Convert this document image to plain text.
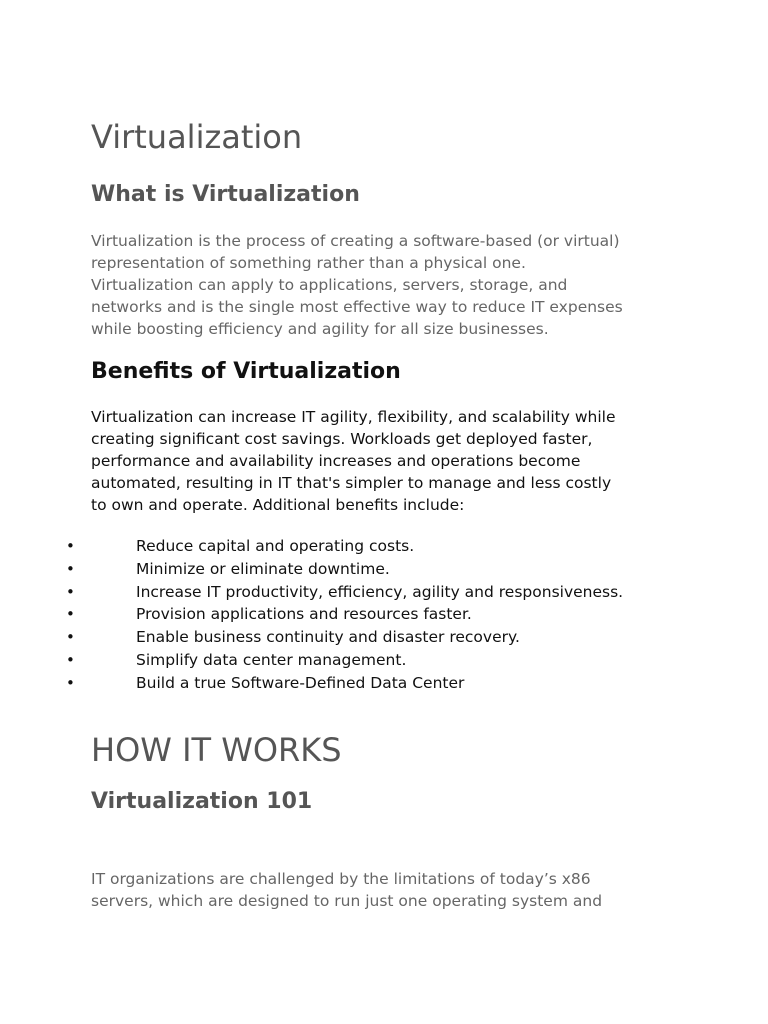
Virtualization
What is Virtualization

Virtualization is the process of creating a software-based (or virtual)
representation of something rather than a physical one.
Virtualization can apply to applications, servers, storage, and
networks and is the single most effective way to reduce IT expenses
while boosting efficiency and agility for all size businesses.

Benefits of Virtualization

Virtualization can increase IT agility, flexibility, and scalability while
creating significant cost savings. Workloads get deployed faster,
performance and availability increases and operations become
automated, resulting in IT that's simpler to manage and less costly
to own and operate. Additional benefits include:

•	Reduce capital and operating costs.
•	Minimize or eliminate downtime.
•	Increase IT productivity, efficiency, agility and responsiveness.
•	Provision applications and resources faster.
•	Enable business continuity and disaster recovery.
•	Simplify data center management.
•	Build a true Software-Defined Data Center
HOW IT WORKS
Virtualization 101

IT organizations are challenged by the limitations of today’s x86
servers, which are designed to run just one operating system and
